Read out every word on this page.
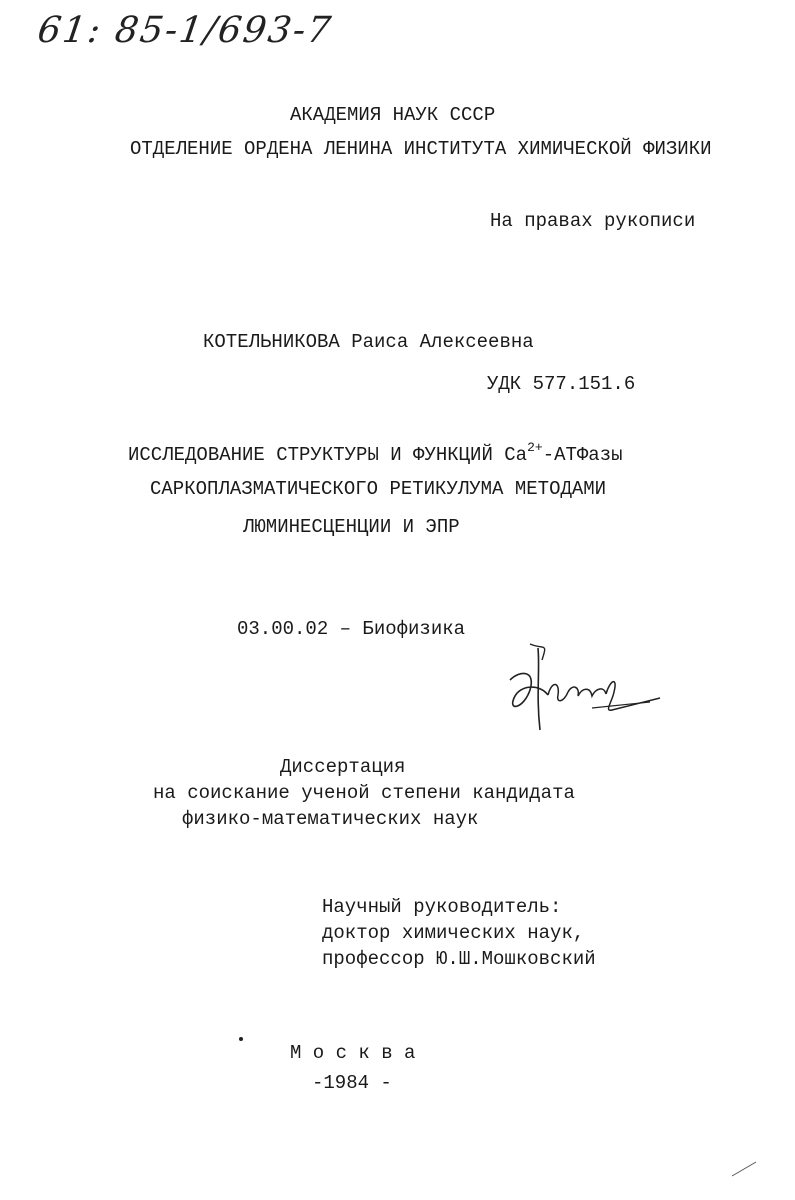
61: 85-1/693-7
АКАДЕМИЯ НАУК СССР
ОТДЕЛЕНИЕ ОРДЕНА ЛЕНИНА ИНСТИТУТА ХИМИЧЕСКОЙ ФИЗИКИ
На правах рукописи
КОТЕЛЬНИКОВА Раиса Алексеевна
УДК 577.151.6
ИССЛЕДОВАНИЕ СТРУКТУРЫ И ФУНКЦИЙ $Ca^{2+}$-АТФазы
САРКОПЛАЗМАТИЧЕСКОГО РЕТИКУЛУМА МЕТОДАМИ
ЛЮМИНЕСЦЕНЦИИ И ЭПР
03.00.02 – Биофизика
Диссертация
на соискание ученой степени кандидата
физико-математических наук
Научный руководитель:
доктор химических наук,
профессор Ю.Ш.Мошковский
М о с к в а
-1984 -
